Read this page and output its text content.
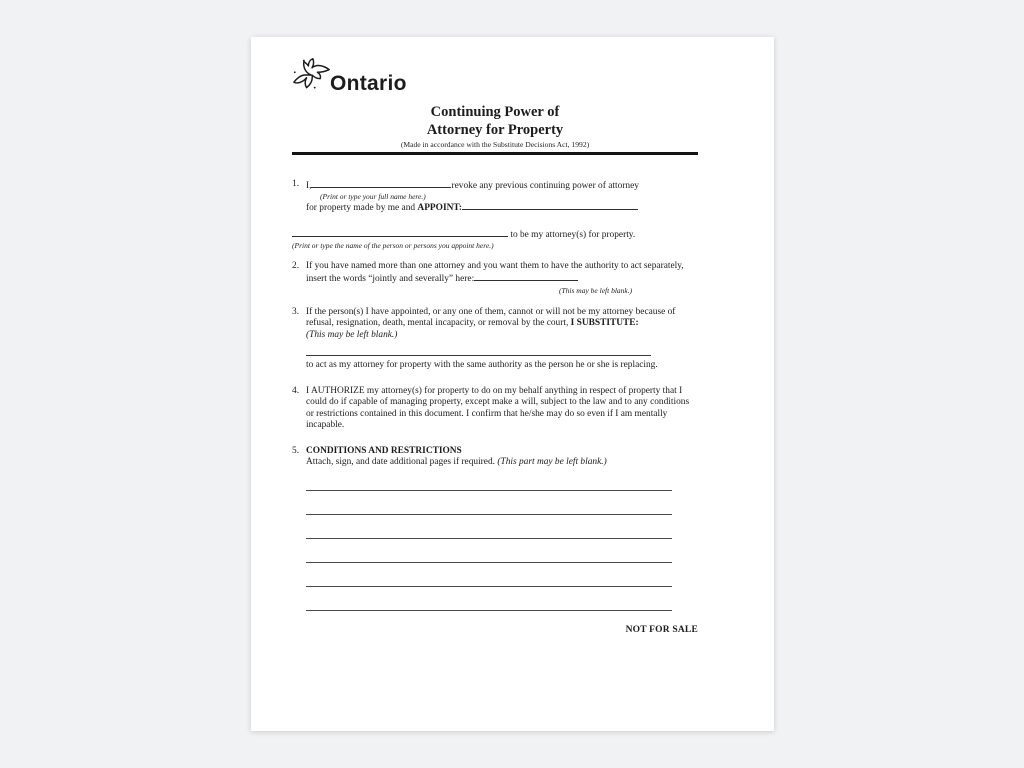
Ontario
Continuing Power of
Attorney for Property
(Made in accordance with the Substitute Decisions Act, 1992)
1. I,	revoke any previous continuing power of attorney
(Print or type your full name here.)
for property made by me and APPOINT:
to be my attorney(s) for property.
(Print or type the name of the person or persons you appoint here.)
2. If you have named more than one attorney and you want them to have the authority to act separately, insert the words “jointly and severally” here:
(This may be left blank.)
3. If the person(s) I have appointed, or any one of them, cannot or will not be my attorney because of refusal, resignation, death, mental incapacity, or removal by the court, I SUBSTITUTE:
(This may be left blank.)
to act as my attorney for property with the same authority as the person he or she is replacing.
4. I AUTHORIZE my attorney(s) for property to do on my behalf anything in respect of property that I could do if capable of managing property, except make a will, subject to the law and to any conditions or restrictions contained in this document. I confirm that he/she may do so even if I am mentally incapable.
5. CONDITIONS AND RESTRICTIONS
Attach, sign, and date additional pages if required. (This part may be left blank.)
NOT FOR SALE
